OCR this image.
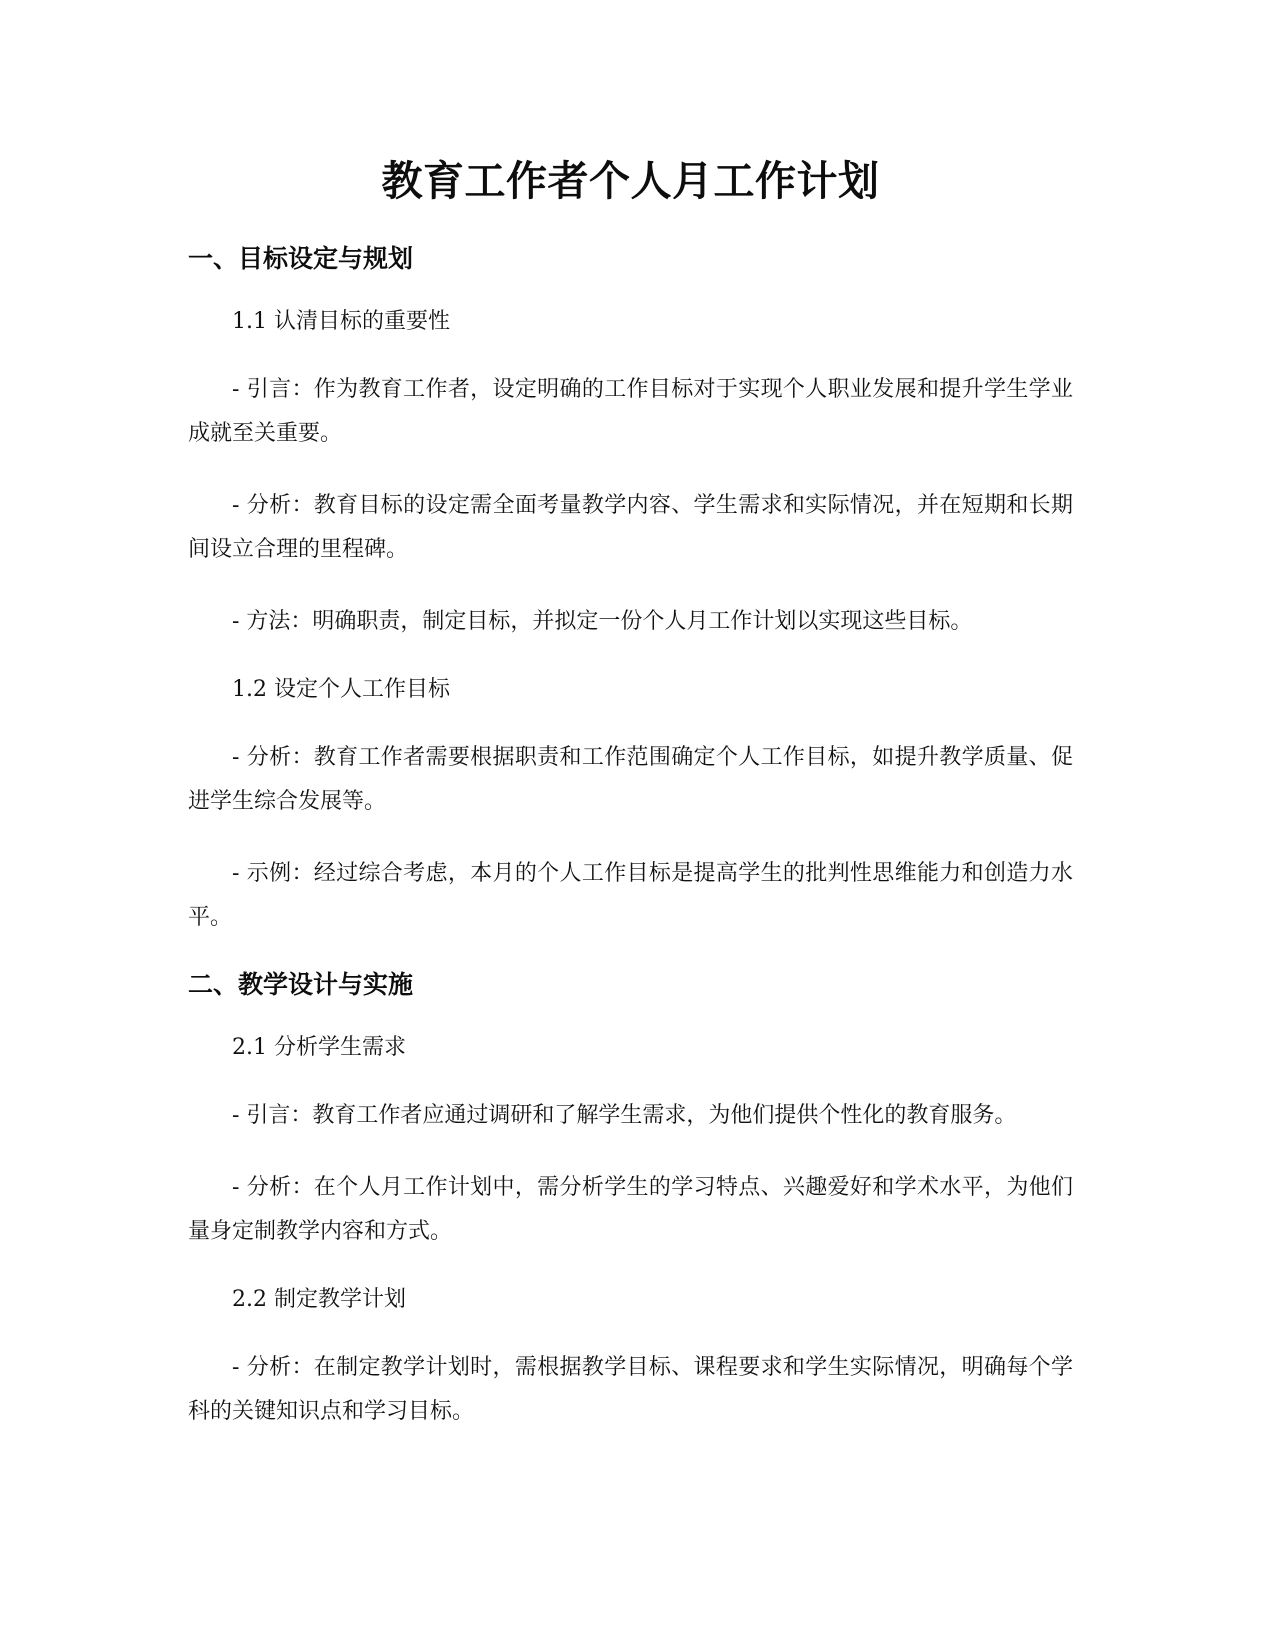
教育工作者个人月工作计划
一、目标设定与规划

1.1 认清目标的重要性

- 引言：作为教育工作者，设定明确的工作目标对于实现个人职业发展和提升学生学业成就至关重要。

- 分析：教育目标的设定需全面考量教学内容、学生需求和实际情况，并在短期和长期间设立合理的里程碑。

- 方法：明确职责，制定目标，并拟定一份个人月工作计划以实现这些目标。

1.2 设定个人工作目标

- 分析：教育工作者需要根据职责和工作范围确定个人工作目标，如提升教学质量、促进学生综合发展等。

- 示例：经过综合考虑，本月的个人工作目标是提高学生的批判性思维能力和创造力水平。

二、教学设计与实施

2.1 分析学生需求

- 引言：教育工作者应通过调研和了解学生需求，为他们提供个性化的教育服务。

- 分析：在个人月工作计划中，需分析学生的学习特点、兴趣爱好和学术水平，为他们量身定制教学内容和方式。

2.2 制定教学计划

- 分析：在制定教学计划时，需根据教学目标、课程要求和学生实际情况，明确每个学科的关键知识点和学习目标。
